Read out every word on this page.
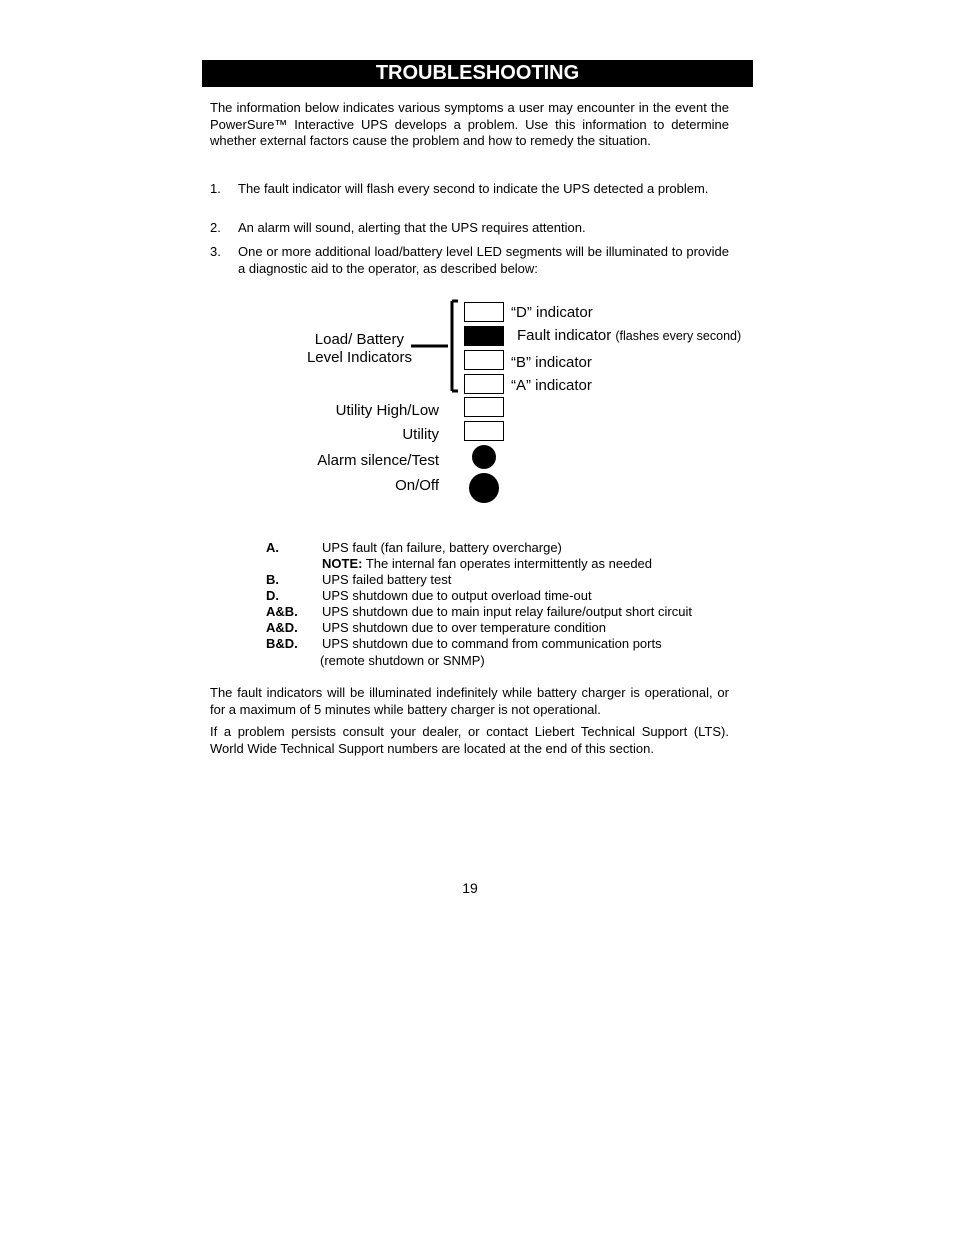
TROUBLESHOOTING
The information below indicates various symptoms a user may encounter in the event the PowerSure™ Interactive UPS develops a problem. Use this information to determine whether external factors cause the problem and how to remedy the situation.
1. The fault indicator will flash every second to indicate the UPS detected a problem.
2. An alarm will sound, alerting that the UPS requires attention.
3. One or more additional load/battery level LED segments will be illuminated to provide a diagnostic aid to the operator, as described below:
Load/ Battery
Level Indicators
“D” indicator
Fault indicator (flashes every second)
“B” indicator
“A” indicator
Utility High/Low
Utility
Alarm silence/Test
On/Off
A.	UPS fault (fan failure, battery overcharge)
NOTE: The internal fan operates intermittently as needed
B.	UPS failed battery test
D.	UPS shutdown due to output overload time-out
A&B. UPS shutdown due to main input relay failure/output short circuit
A&D. UPS shutdown due to over temperature condition
B&D. UPS shutdown due to command from communication ports
(remote shutdown or SNMP)
The fault indicators will be illuminated indefinitely while battery charger is operational, or for a maximum of 5 minutes while battery charger is not operational.
If a problem persists consult your dealer, or contact Liebert Technical Support (LTS). World Wide Technical Support numbers are located at the end of this section.
19
